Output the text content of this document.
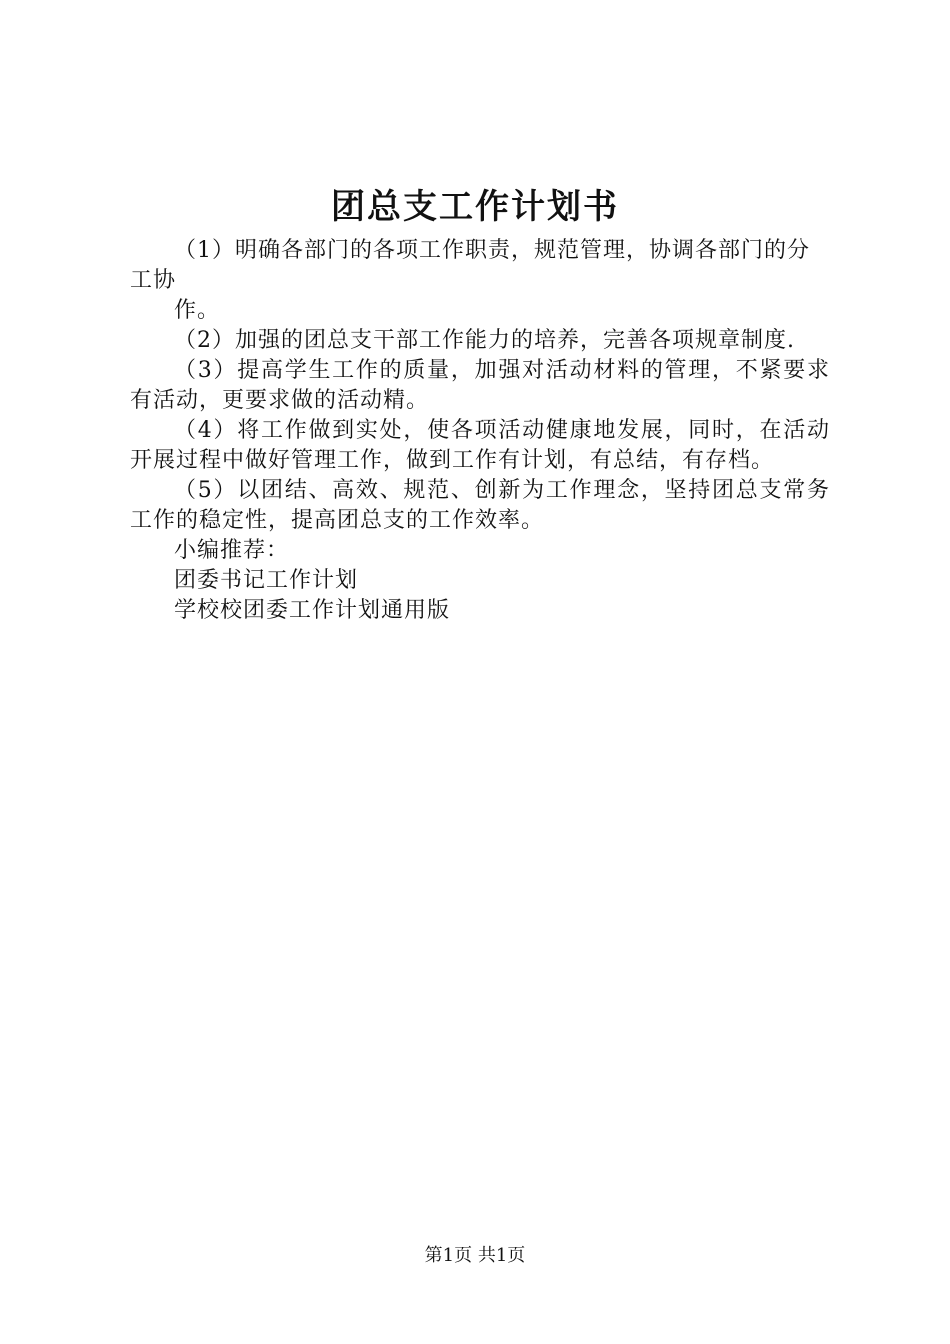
团总支工作计划书

（1）明确各部门的各项工作职责，规范管理，协调各部门的分工协

作。

（2）加强的团总支干部工作能力的培养，完善各项规章制度.

（3）提高学生工作的质量，加强对活动材料的管理，不紧要求有活动，更要求做的活动精。

（4）将工作做到实处，使各项活动健康地发展，同时，在活动开展过程中做好管理工作，做到工作有计划，有总结，有存档。

（5）以团结、高效、规范、创新为工作理念，坚持团总支常务工作的稳定性，提高团总支的工作效率。

小编推荐：

团委书记工作计划

学校校团委工作计划通用版

第1页 共1页
